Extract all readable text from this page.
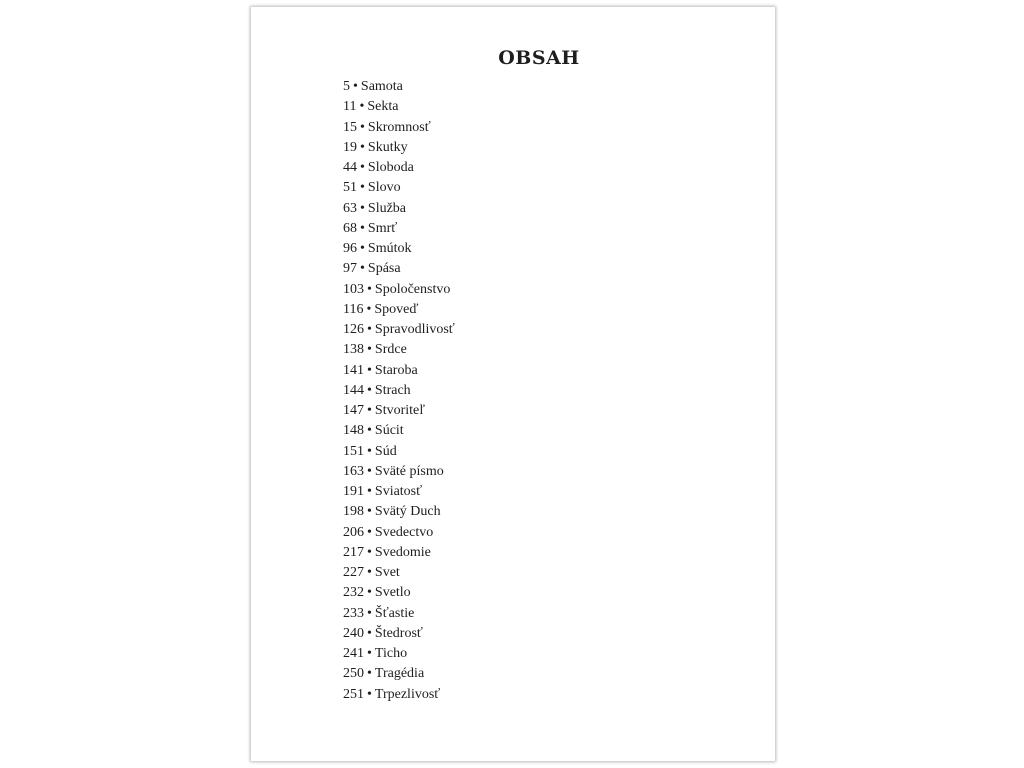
OBSAH
5 • Samota
11 • Sekta
15 • Skromnosť
19 • Skutky
44 • Sloboda
51 • Slovo
63 • Služba
68 • Smrť
96 • Smútok
97 • Spása
103 • Spoločenstvo
116 • Spoveď
126 • Spravodlivosť
138 • Srdce
141 • Staroba
144 • Strach
147 • Stvoriteľ
148 • Súcit
151 • Súd
163 • Sväté písmo
191 • Sviatosť
198 • Svätý Duch
206 • Svedectvo
217 • Svedomie
227 • Svet
232 • Svetlo
233 • Šťastie
240 • Štedrosť
241 • Ticho
250 • Tragédia
251 • Trpezlivosť
